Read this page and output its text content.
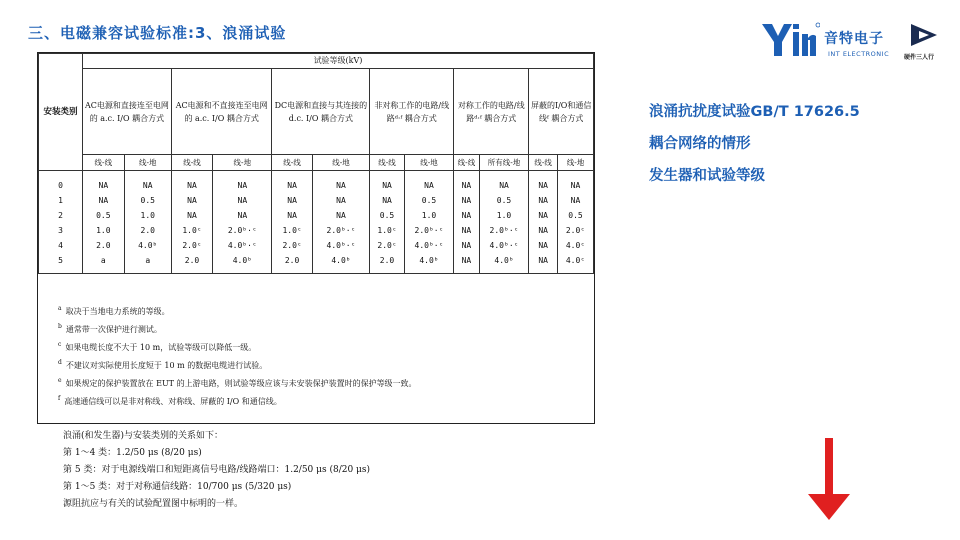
三、电磁兼容试验标准:3、浪涌试验	音特电子
INT ELECTRONIC 硬件三人行
安装类别	试验等级(kV)											
	AC电源和直接连至电网的 a.c. I/O 耦合方式		AC电源和不直接连至电网的 a.c. I/O 耦合方式		DC电源和直接与其连接的 d.c. I/O 耦合方式		非对称工作的电路/线路ᵈ·ᶠ 耦合方式		对称工作的电路/线路ᵈ·ᶠ 耦合方式		屏蔽的I/O和通信线ᶠ 耦合方式	
	线-线	线-地	线-线	线-地	线-线	线-地	线-线	线-地	线-线	所有线-地	线-线	线-地
0	NA	NA	NA	NA	NA	NA	NA	NA	NA	NA	NA	NA
1	NA	0.5	NA	NA	NA	NA	NA	0.5	NA	0.5	NA	NA
2	0.5	1.0	NA	NA	NA	NA	0.5	1.0	NA	1.0	NA	0.5
3	1.0	2.0	1.0ᶜ	2.0ᵇ·ᶜ	1.0ᶜ	2.0ᵇ·ᶜ	1.0ᶜ	2.0ᵇ·ᶜ	NA	2.0ᵇ·ᶜ	NA	2.0ᶜ
4	2.0	4.0ᵇ	2.0ᶜ	4.0ᵇ·ᶜ	2.0ᶜ	4.0ᵇ·ᶜ	2.0ᶜ	4.0ᵇ·ᶜ	NA	4.0ᵇ·ᶜ	NA	4.0ᶜ
5	a	a	2.0	4.0ᵇ	2.0	4.0ᵇ	2.0	4.0ᵇ	NA	4.0ᵇ	NA	4.0ᶜ
$^a$ 取决于当地电力系统的等级。
$^b$ 通常带一次保护进行测试。
$^c$ 如果电缆长度不大于 10 m，试验等级可以降低一级。
$^d$ 不建议对实际使用长度短于 10 m 的数据电缆进行试验。
$^e$ 如果规定的保护装置放在 EUT 的上游电路，则试验等级应该与未安装保护装置时的保护等级一致。
$^f$ 高速通信线可以是非对称线、对称线、屏蔽的 I/O 和通信线。
浪涌(和发生器)与安装类别的关系如下：
第 1～4 类：1.2/50 μs (8/20 μs)
第 5 类：对于电源线端口和短距离信号电路/线路端口：1.2/50 μs (8/20 μs)
第 1～5 类：对于对称通信线路：10/700 μs (5/320 μs)
源阻抗应与有关的试验配置图中标明的一样。
浪涌抗扰度试验GB/T 17626.5
耦合网络的情形
发生器和试验等级
